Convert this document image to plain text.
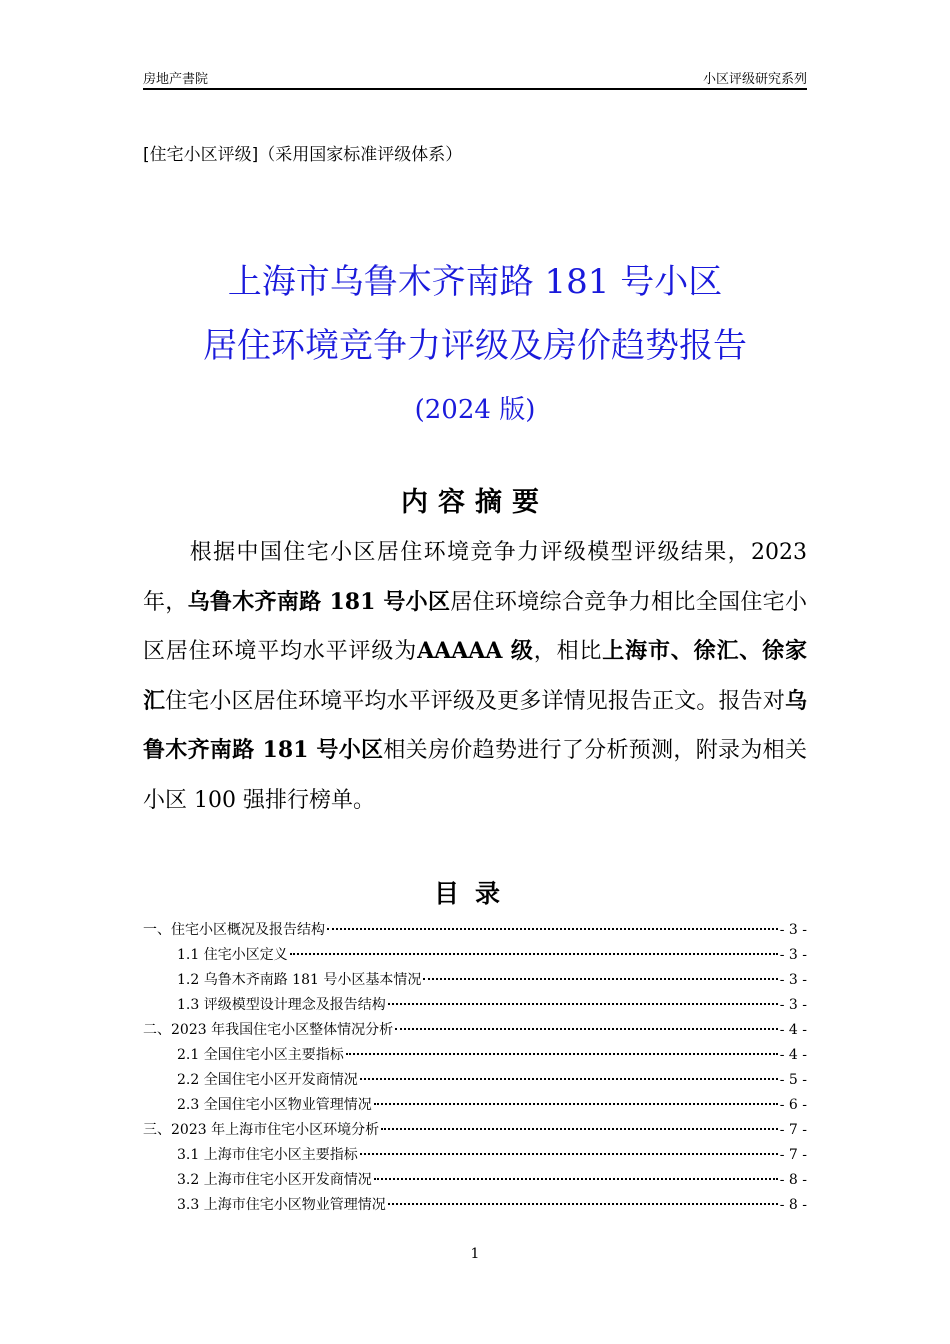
房地产書院	小区评级研究系列
[住宅小区评级]（采用国家标准评级体系）
上海市乌鲁木齐南路 181 号小区
居住环境竞争力评级及房价趋势报告
(2024 版)
内容摘要
　　根据中国住宅小区居住环境竞争力评级模型评级结果，2023 年，乌鲁木齐南路 181 号小区居住环境综合竞争力相比全国住宅小区居住环境平均水平评级为AAAAA 级，相比上海市、徐汇、徐家汇住宅小区居住环境平均水平评级及更多详情见报告正文。报告对乌鲁木齐南路 181 号小区相关房价趋势进行了分析预测，附录为相关小区 100 强排行榜单。
目录
一、住宅小区概况及报告结构	- 3 -
1.1 住宅小区定义	- 3 -
1.2 乌鲁木齐南路 181 号小区基本情况	- 3 -
1.3 评级模型设计理念及报告结构	- 3 -
二、2023 年我国住宅小区整体情况分析	- 4 -
2.1 全国住宅小区主要指标	- 4 -
2.2 全国住宅小区开发商情况	- 5 -
2.3 全国住宅小区物业管理情况	- 6 -
三、2023 年上海市住宅小区环境分析	- 7 -
3.1 上海市住宅小区主要指标	- 7 -
3.2 上海市住宅小区开发商情况	- 8 -
3.3 上海市住宅小区物业管理情况	- 8 -
1
